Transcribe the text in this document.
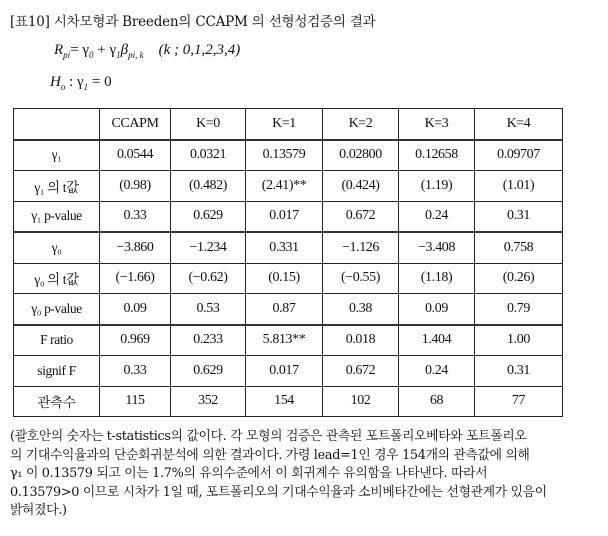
[표10] 시차모형과 Breeden의 CCAPM 의 선형성검증의 결과
$R_{pi}= \gamma_0 + \gamma_1\beta_{pi, k}$ (k ; 0,1,2,3,4)
$H_o$ : $\gamma_1 = 0$
	CCAPM	K=0	K=1	K=2	K=3	K=4
γ₁	0.0544	0.0321	0.13579	0.02800	0.12658	0.09707
γ₁ 의 t값	(0.98)	(0.482)	(2.41)**	(0.424)	(1.19)	(1.01)
γ₁ p-value	0.33	0.629	0.017	0.672	0.24	0.31
γ₀	−3.860	−1.234	0.331	−1.126	−3.408	0.758
γ₀ 의 t값	(−1.66)	(−0.62)	(0.15)	(−0.55)	(1.18)	(0.26)
γ₀ p-value	0.09	0.53	0.87	0.38	0.09	0.79
F ratio	0.969	0.233	5.813**	0.018	1.404	1.00
signif F	0.33	0.629	0.017	0.672	0.24	0.31
관측수	115	352	154	102	68	77
(괄호안의 숫자는 t-statistics의 값이다. 각 모형의 검증은 관측된 포트폴리오베타와 포트폴리오
의 기대수익율과의 단순회귀분석에 의한 결과이다. 가령 lead=1인 경우 154개의 관측값에 의해
γ₁ 이 0.13579 되고 이는 1.7%의 유의수준에서 이 회귀계수 유의함을 나타낸다. 따라서
0.13579>0 이므로 시차가 1일 때, 포트폴리오의 기대수익율과 소비베타간에는 선형관계가 있음이
밝혀졌다.)
